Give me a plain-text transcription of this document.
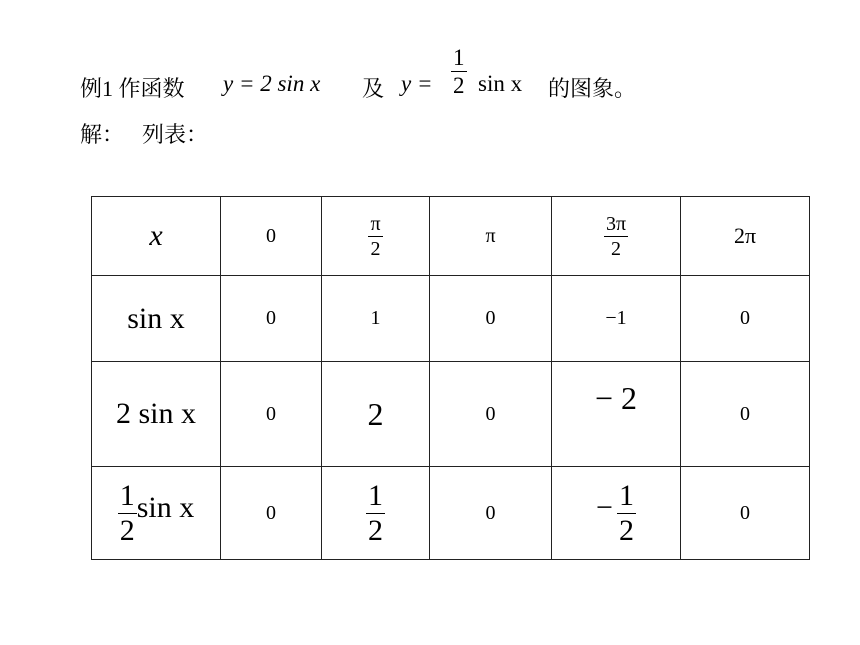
例1 作函数 y = 2 sin x 及 $y = \frac{1}{2}$ sin x 的图象。
解： 列表：
x	0	$\frac{\pi}{2}$	π	$\frac{3\pi}{2}$	2π
sin x	0	1	0	−1	0
2 sin x	0	2	0	− 2	0

$\frac{1}{2}$ sin x	0	$\frac{1}{2}$	0	− $\frac{1}{2}$	0
